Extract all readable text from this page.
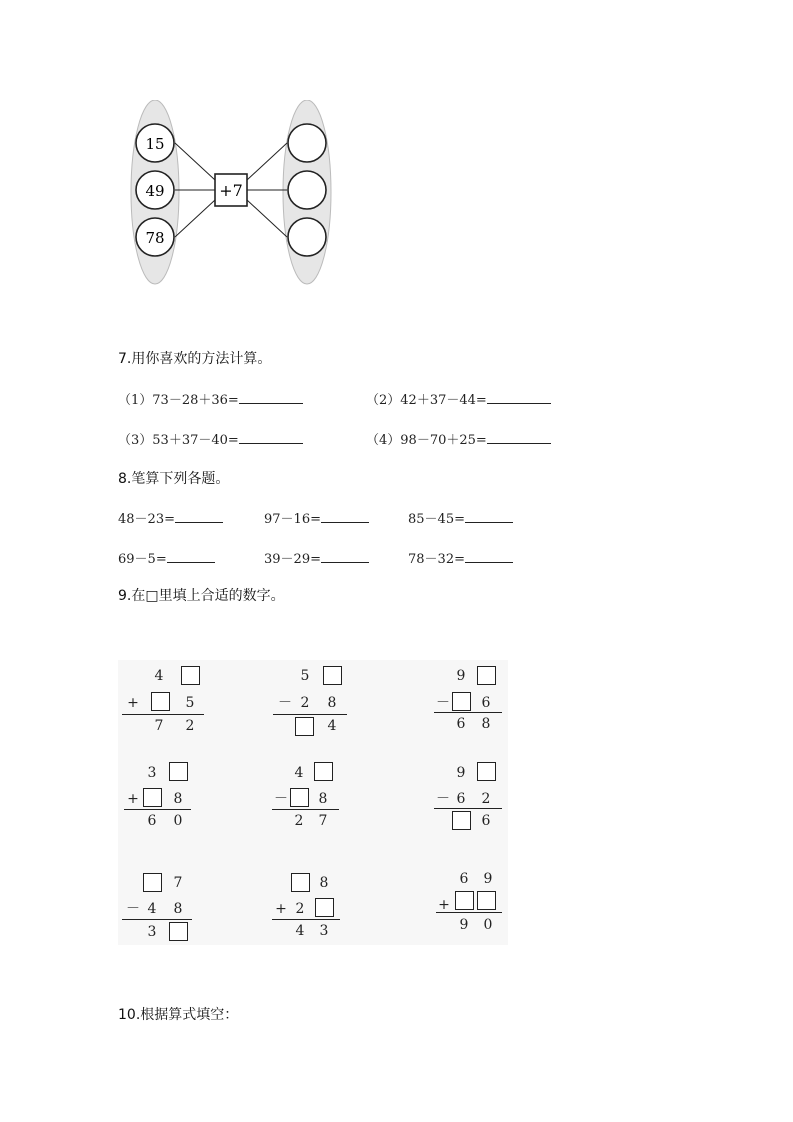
15
49
78
+7
7.用你喜欢的方法计算。
（1）73－28＋36=	（2）42＋37－44=
（3）53＋37－40=	（4）98－70＋25=
8.笔算下列各题。
48－23=	97－16=	85－45=
69－5=	39－29=	78－32=
9.在□里填上合适的数字。
4
+	5
7	2
5
－ 2	8
4
9
－	6
6	8
3
+	8
6	0
4
－	8
2	7
9
－ 6	2
6
7
－ 4	8
3
8
+ 2
4	3
6	9
+
9	0
10.根据算式填空：
